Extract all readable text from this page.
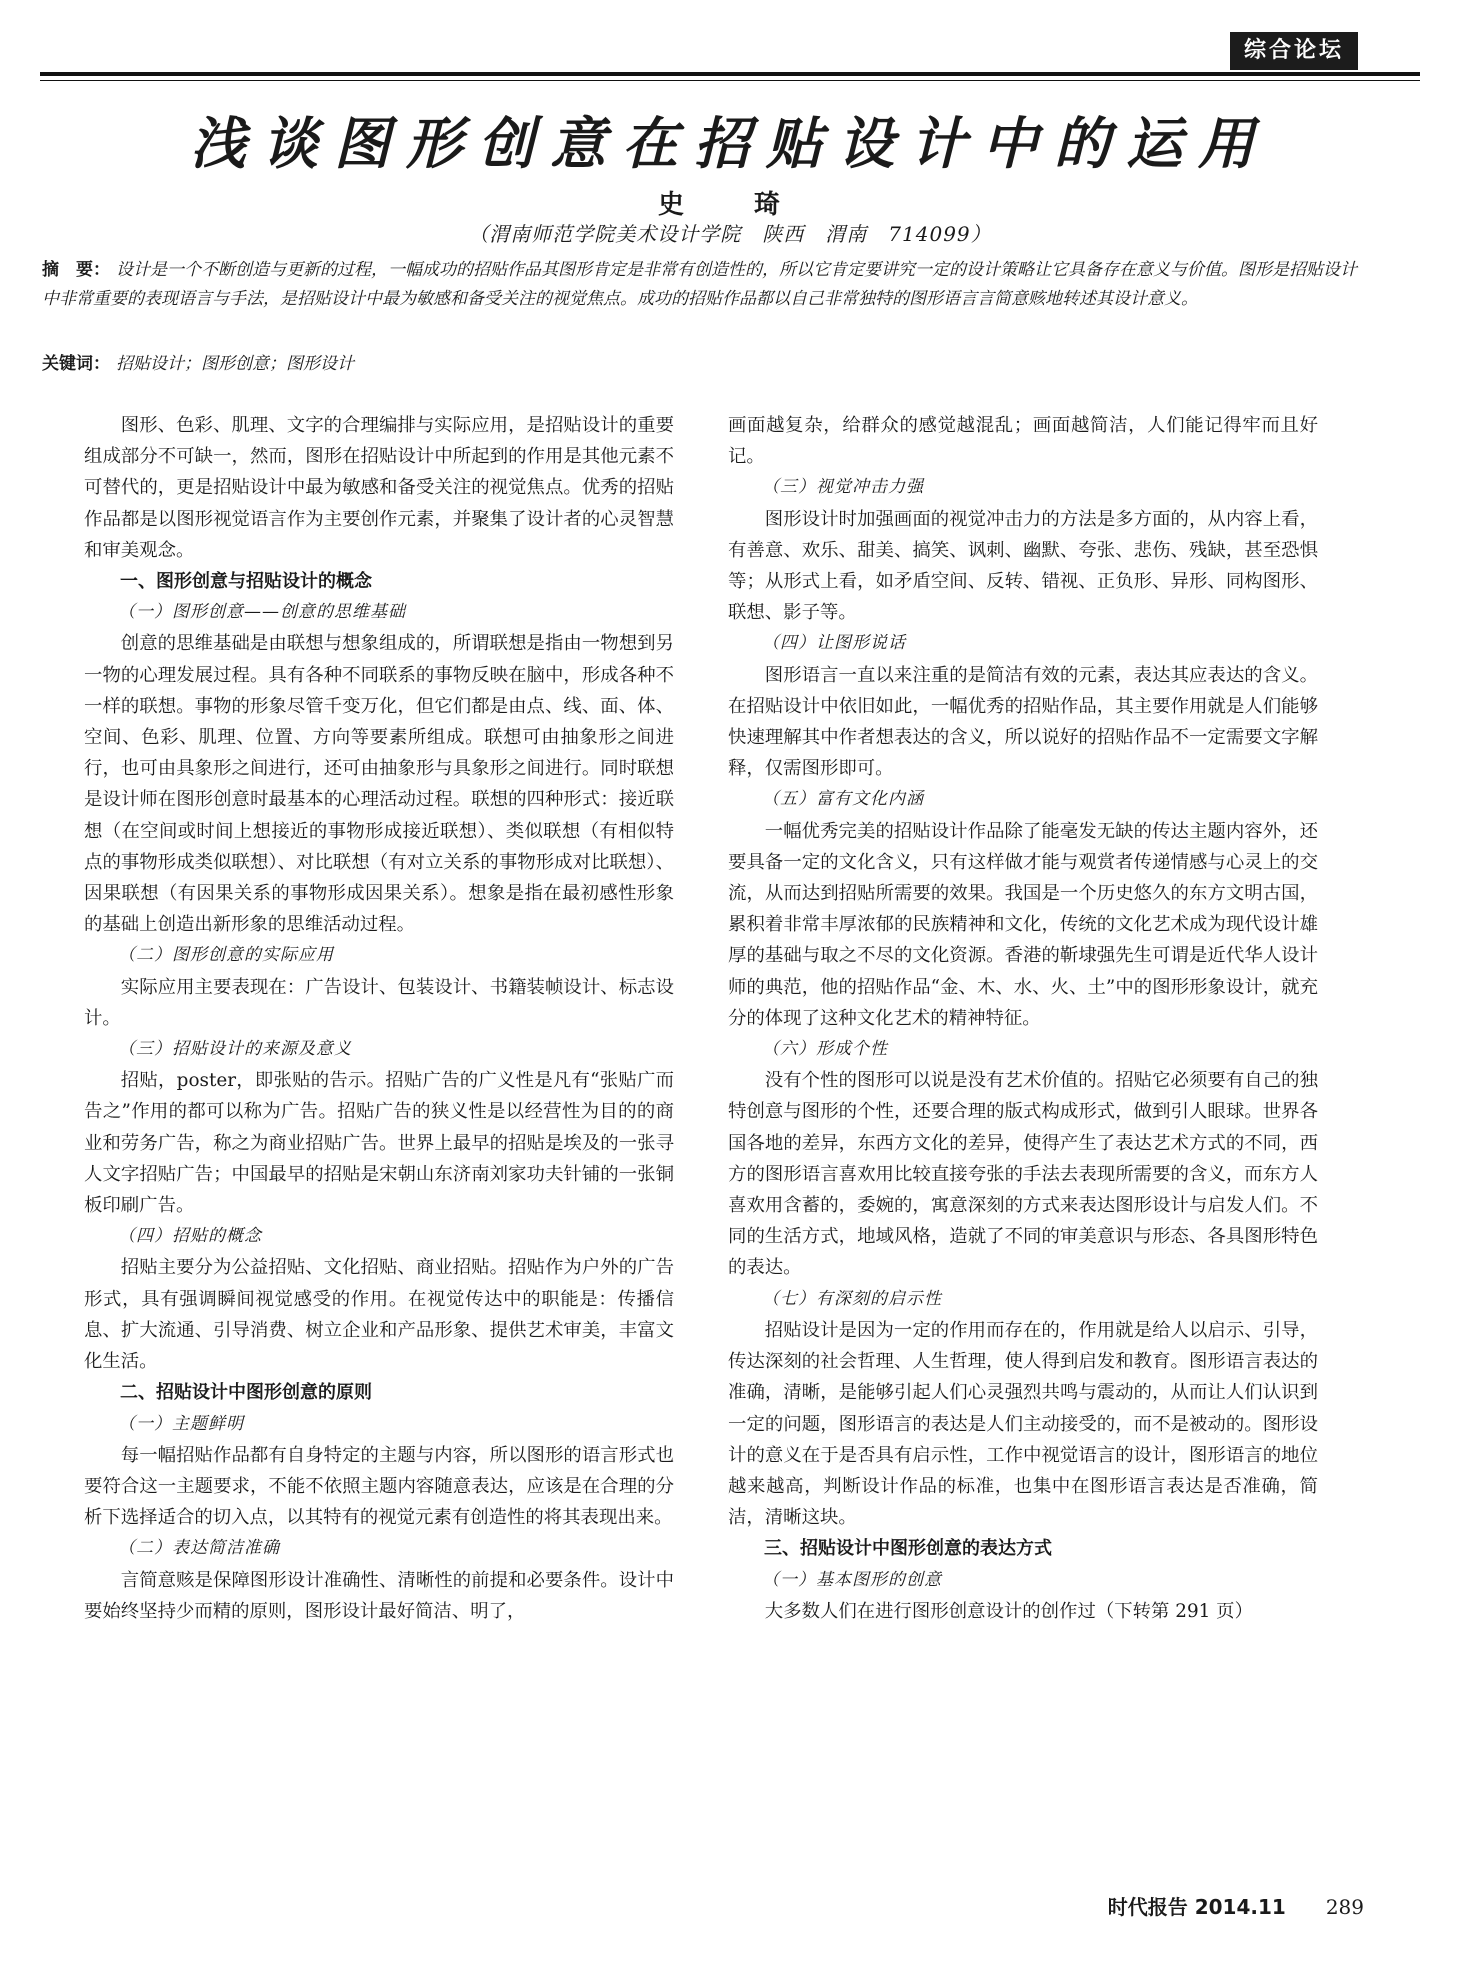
综合论坛
浅谈图形创意在招贴设计中的运用
史　琦
（渭南师范学院美术设计学院　陕西　渭南　714099）
摘　要： 设计是一个不断创造与更新的过程，一幅成功的招贴作品其图形肯定是非常有创造性的，所以它肯定要讲究一定的设计策略让它具备存在意义与价值。图形是招贴设计中非常重要的表现语言与手法，是招贴设计中最为敏感和备受关注的视觉焦点。成功的招贴作品都以自己非常独特的图形语言言简意赅地转述其设计意义。
关键词： 招贴设计；图形创意；图形设计

图形、色彩、肌理、文字的合理编排与实际应用，是招贴设计的重要组成部分不可缺一，然而，图形在招贴设计中所起到的作用是其他元素不可替代的，更是招贴设计中最为敏感和备受关注的视觉焦点。优秀的招贴作品都是以图形视觉语言作为主要创作元素，并聚集了设计者的心灵智慧和审美观念。

一、图形创意与招贴设计的概念
（一）图形创意——创意的思维基础

创意的思维基础是由联想与想象组成的，所谓联想是指由一物想到另一物的心理发展过程。具有各种不同联系的事物反映在脑中，形成各种不一样的联想。事物的形象尽管千变万化，但它们都是由点、线、面、体、空间、色彩、肌理、位置、方向等要素所组成。联想可由抽象形之间进行，也可由具象形之间进行，还可由抽象形与具象形之间进行。同时联想是设计师在图形创意时最基本的心理活动过程。联想的四种形式：接近联想（在空间或时间上想接近的事物形成接近联想）、类似联想（有相似特点的事物形成类似联想）、对比联想（有对立关系的事物形成对比联想）、因果联想（有因果关系的事物形成因果关系）。想象是指在最初感性形象的基础上创造出新形象的思维活动过程。

（二）图形创意的实际应用

实际应用主要表现在：广告设计、包装设计、书籍装帧设计、标志设计。

（三）招贴设计的来源及意义

招贴，poster，即张贴的告示。招贴广告的广义性是凡有“张贴广而告之”作用的都可以称为广告。招贴广告的狭义性是以经营性为目的的商业和劳务广告，称之为商业招贴广告。世界上最早的招贴是埃及的一张寻人文字招贴广告；中国最早的招贴是宋朝山东济南刘家功夫针铺的一张铜板印刷广告。

（四）招贴的概念

招贴主要分为公益招贴、文化招贴、商业招贴。招贴作为户外的广告形式，具有强调瞬间视觉感受的作用。在视觉传达中的职能是：传播信息、扩大流通、引导消费、树立企业和产品形象、提供艺术审美，丰富文化生活。

二、招贴设计中图形创意的原则
（一）主题鲜明

每一幅招贴作品都有自身特定的主题与内容，所以图形的语言形式也要符合这一主题要求，不能不依照主题内容随意表达，应该是在合理的分析下选择适合的切入点，以其特有的视觉元素有创造性的将其表现出来。

（二）表达简洁准确

言简意赅是保障图形设计准确性、清晰性的前提和必要条件。设计中要始终坚持少而精的原则，图形设计最好简洁、明了，

画面越复杂，给群众的感觉越混乱；画面越简洁，人们能记得牢而且好记。

（三）视觉冲击力强

图形设计时加强画面的视觉冲击力的方法是多方面的，从内容上看，有善意、欢乐、甜美、搞笑、讽刺、幽默、夸张、悲伤、残缺，甚至恐惧等；从形式上看，如矛盾空间、反转、错视、正负形、异形、同构图形、联想、影子等。

（四）让图形说话

图形语言一直以来注重的是简洁有效的元素，表达其应表达的含义。在招贴设计中依旧如此，一幅优秀的招贴作品，其主要作用就是人们能够快速理解其中作者想表达的含义，所以说好的招贴作品不一定需要文字解释，仅需图形即可。

（五）富有文化内涵

一幅优秀完美的招贴设计作品除了能毫发无缺的传达主题内容外，还要具备一定的文化含义，只有这样做才能与观赏者传递情感与心灵上的交流，从而达到招贴所需要的效果。我国是一个历史悠久的东方文明古国，累积着非常丰厚浓郁的民族精神和文化，传统的文化艺术成为现代设计雄厚的基础与取之不尽的文化资源。香港的靳埭强先生可谓是近代华人设计师的典范，他的招贴作品“金、木、水、火、土”中的图形形象设计，就充分的体现了这种文化艺术的精神特征。

（六）形成个性

没有个性的图形可以说是没有艺术价值的。招贴它必须要有自己的独特创意与图形的个性，还要合理的版式构成形式，做到引人眼球。世界各国各地的差异，东西方文化的差异，使得产生了表达艺术方式的不同，西方的图形语言喜欢用比较直接夸张的手法去表现所需要的含义，而东方人喜欢用含蓄的，委婉的，寓意深刻的方式来表达图形设计与启发人们。不同的生活方式，地域风格，造就了不同的审美意识与形态、各具图形特色的表达。

（七）有深刻的启示性

招贴设计是因为一定的作用而存在的，作用就是给人以启示、引导，传达深刻的社会哲理、人生哲理，使人得到启发和教育。图形语言表达的准确，清晰，是能够引起人们心灵强烈共鸣与震动的，从而让人们认识到一定的问题，图形语言的表达是人们主动接受的，而不是被动的。图形设计的意义在于是否具有启示性，工作中视觉语言的设计，图形语言的地位越来越高，判断设计作品的标准，也集中在图形语言表达是否准确，简洁，清晰这块。

三、招贴设计中图形创意的表达方式
（一）基本图形的创意

大多数人们在进行图形创意设计的创作过（下转第 291 页）

时代报告 2014.11 289
